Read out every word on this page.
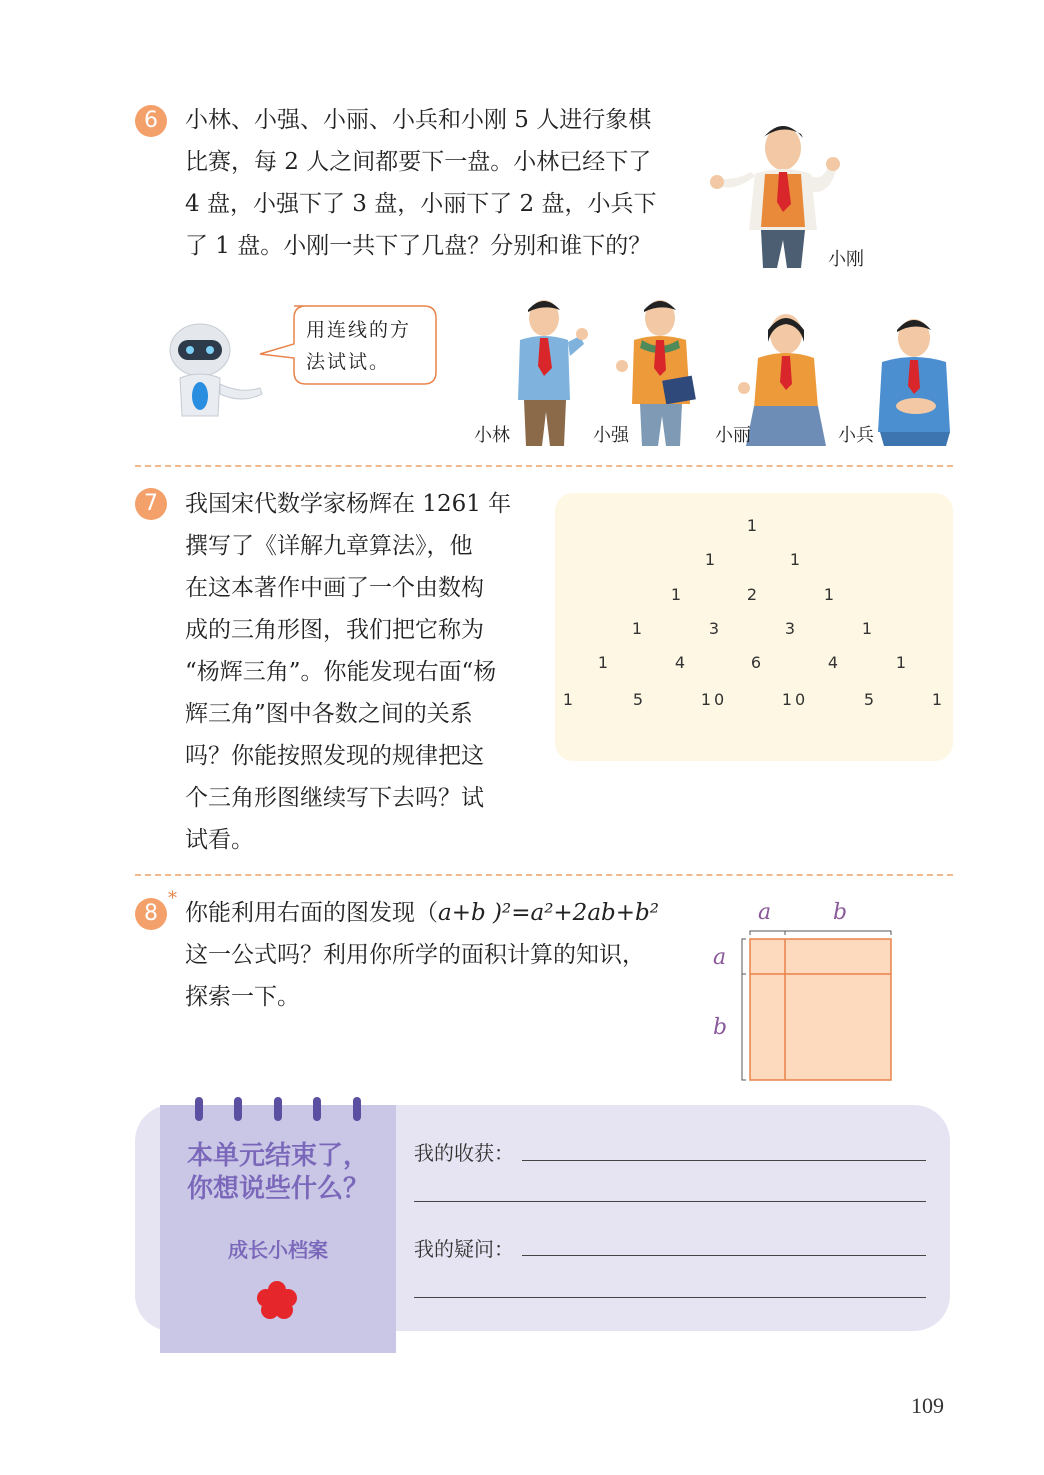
6	小林、小强、小丽、小兵和小刚 5 人进行象棋
比赛，每 2 人之间都要下一盘。小林已经下了
4 盘，小强下了 3 盘，小丽下了 2 盘，小兵下
了 1 盘。小刚一共下了几盘？分别和谁下的？
小刚
用连线的方
法试试。
小林	小强	小丽	小兵
7	我国宋代数学家杨辉在 1261 年
撰写了《详解九章算法》，他
在这本著作中画了一个由数构
成的三角形图，我们把它称为
“杨辉三角”。你能发现右面“杨
辉三角”图中各数之间的关系
吗？你能按照发现的规律把这
个三角形图继续写下去吗？试
试看。
1
1	1
1	2	1
1	3	3	1
1	4	6	4	1
1	5	10	10	5	1
8
*
你能利用右面的图发现（a+b )²=a²+2ab+b²
这一公式吗？利用你所学的面积计算的知识，
探索一下。
a	b
a
b
本单元结束了，
你想说些什么？
成长小档案
我的收获：
我的疑问：
109
